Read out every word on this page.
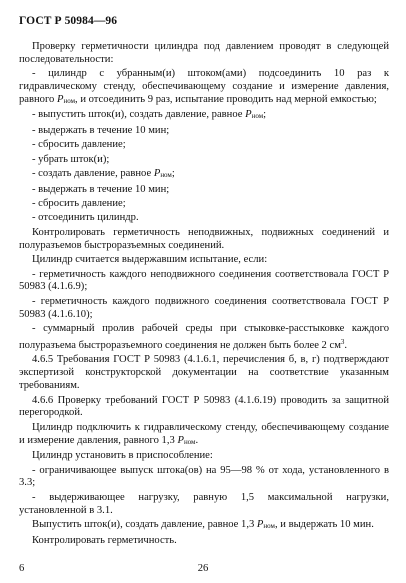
ГОСТ Р 50984—96

Проверку герметичности цилиндра под давлением проводят в следующей последовательности:

- цилиндр с убранным(и) штоком(ами) подсоединить 10 раз к гидравлическому стенду, обеспечивающему создание и измерение давления, равного Pном, и отсоединить 9 раз, испытание проводить над мерной емкостью;

- выпустить шток(и), создать давление, равное Pном;

- выдержать в течение 10 мин;

- сбросить давление;

- убрать шток(и);

- создать давление, равное Pном;

- выдержать в течение 10 мин;

- сбросить давление;

- отсоединить цилиндр.

Контролировать герметичность неподвижных, подвижных соединений и полуразъемов быстроразъемных соединений.

Цилиндр считается выдержавшим испытание, если:

- герметичность каждого неподвижного соединения соответствовала ГОСТ Р 50983 (4.1.6.9);

- герметичность каждого подвижного соединения соответствовала ГОСТ Р 50983 (4.1.6.10);

- суммарный пролив рабочей среды при стыковке-расстыковке каждого полуразъема быстроразъемного соединения не должен быть более 2 $см^3$.

4.6.5 Требования ГОСТ Р 50983 (4.1.6.1, перечисления б, в, г) подтверждают экспертизой конструкторской документации на соответствие указанным требованиям.

4.6.6 Проверку требований ГОСТ Р 50983 (4.1.6.19) проводить за защитной перегородкой.

Цилиндр подключить к гидравлическому стенду, обеспечивающему создание и измерение давления, равного 1,3 Pном.

Цилиндр установить в приспособление:

- ограничивающее выпуск штока(ов) на 95—98 % от хода, установленного в 3.3;

- выдерживающее нагрузку, равную 1,5 максимальной нагрузки, установленной в 3.1.

Выпустить шток(и), создать давление, равное 1,3 Pном, и выдержать 10 мин.

Контролировать герметичность.

6	26
